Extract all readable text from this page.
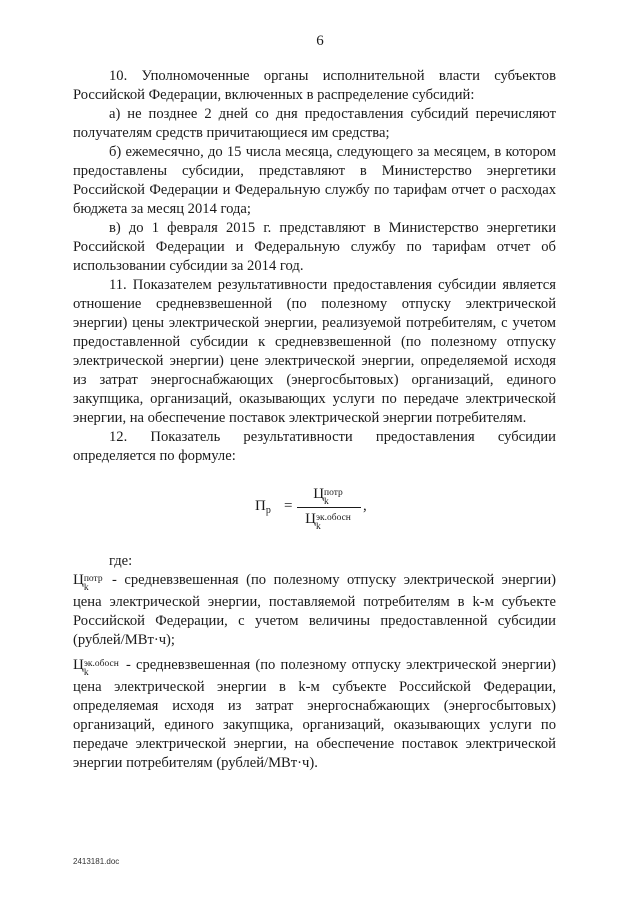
6

10. Уполномоченные органы исполнительной власти субъектов Российской Федерации, включенных в распределение субсидий:

а) не позднее 2 дней со дня предоставления субсидий перечисляют получателям средств причитающиеся им средства;

б) ежемесячно, до 15 числа месяца, следующего за месяцем, в котором предоставлены субсидии, представляют в Министерство энергетики Российской Федерации и Федеральную службу по тарифам отчет о расходах бюджета за месяц 2014 года;

в) до 1 февраля 2015 г. представляют в Министерство энергетики Российской Федерации и Федеральную службу по тарифам отчет об использовании субсидии за 2014 год.

11. Показателем результативности предоставления субсидии является отношение средневзвешенной (по полезному отпуску электрической энергии) цены электрической энергии, реализуемой потребителям, с учетом предоставленной субсидии к средневзвешенной (по полезному отпуску электрической энергии) цене электрической энергии, определяемой исходя из затрат энергоснабжающих (энергосбытовых) организаций, единого закупщика, организаций, оказывающих услуги по передаче электрической энергии, на обеспечение поставок электрической энергии потребителям.

12. Показатель результативности предоставления субсидии определяется по формуле:

$П_р$ =
Ц потр
k
Ц эк.обосн
k
,

где:

Ц потр
k	- средневзвешенная (по полезному отпуску электрической энергии) цена электрической энергии, поставляемой потребителям в k-м субъекте Российской Федерации, с учетом величины предоставленной субсидии (рублей/МВт·ч);

Ц эк.обосн
k	- средневзвешенная (по полезному отпуску электрической энергии) цена электрической энергии в k-м субъекте Российской Федерации, определяемая исходя из затрат энергоснабжающих (энергосбытовых) организаций, единого закупщика, организаций, оказывающих услуги по передаче электрической энергии, на обеспечение поставок электрической энергии потребителям (рублей/МВт·ч).

2413181.doc
